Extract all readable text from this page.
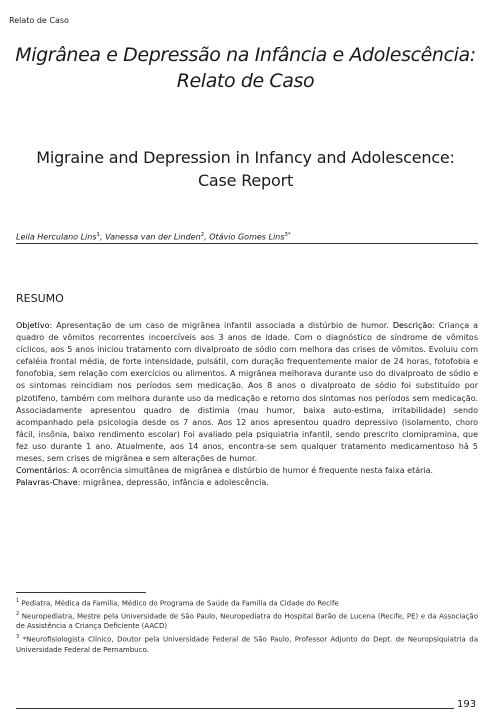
Relato de Caso
Migrânea e Depressão na Infância e Adolescência:
Relato de Caso
Migraine and Depression in Infancy and Adolescence:
Case Report
Leila Herculano Lins$^1$, Vanessa van der Linden$^2$, Otávio Gomes Lins$^{3*}$
RESUMO

Objetivo: Apresentação de um caso de migrânea infantil associada a distúrbio de humor. Descrição: Criança a quadro de vômitos recorrentes incoercíveis aos 3 anos de idade. Com o diagnóstico de síndrome de vômitos cíclicos, aos 5 anos iniciou tratamento com divalproato de sódio com melhora das crises de vômitos. Evoluiu com cefaléia frontal média, de forte intensidade, pulsátil, com duração frequentemente maior de 24 horas, fotofobia e fonofobia, sem relação com exercícios ou alimentos. A migrânea melhorava durante uso do divalproato de sódio e os sintomas reincidiam nos períodos sem medicação. Aos 8 anos o divalproato de sódio foi substituído por pizotifeno, também com melhora durante uso da medicação e retorno dos sintomas nos períodos sem medicação. Associadamente apresentou quadro de distimia (mau humor, baixa auto-estima, irritabilidade) sendo acompanhado pela psicologia desde os 7 anos. Aos 12 anos apresentou quadro depressivo (isolamento, choro fácil, insônia, baixo rendimento escolar) Foi avaliado pela psiquiatria infantil, sendo prescrito clomipramina, que fez uso durante 1 ano. Atualmente, aos 14 anos, encontra-se sem qualquer tratamento medicamentoso há 5 meses, sem crises de migrânea e sem alterações de humor.

Comentários: A ocorrência simultânea de migrânea e distúrbio de humor é frequente nesta faixa etária.

Palavras-Chave: migrânea, depressão, infância e adolescência.

$^1$ Pediatra, Médica da Família, Médico do Programa de Saúde da Família da Cidade do Recife

$^2$ Neuropediatra, Mestre pela Universidade de São Paulo, Neuropediatra do Hospital Barão de Lucena (Recife, PE) e da Associação de Assistência a Criança Deficiente (AACD)

$^3$ *Neurofisiologista Clínico, Doutor pela Universidade Federal de São Paulo, Professor Adjunto do Dept. de Neuropsiquiatria da Universidade Federal de Pernambuco.

193
